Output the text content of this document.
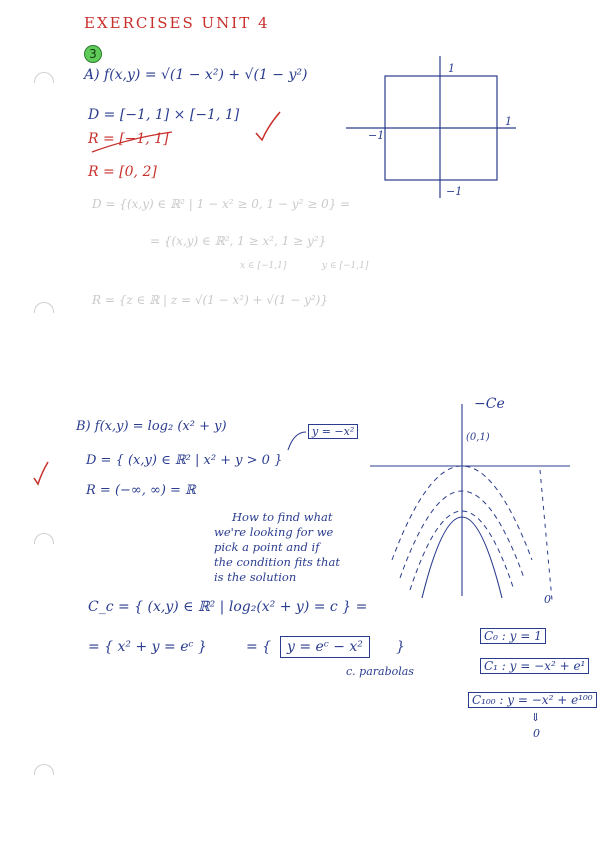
EXERCISES UNIT 4
3
A) f(x,y) = √(1 − x²) + √(1 − y²)
D = [−1, 1] × [−1, 1]
R = [−1, 1]
R = [0, 2]
D = {(x,y) ∈ ℝ² | 1 − x² ≥ 0, 1 − y² ≥ 0} =
= {(x,y) ∈ ℝ², 1 ≥ x², 1 ≥ y²}
x ∈ [−1,1]	y ∈ [−1,1]
R = {z ∈ ℝ | z = √(1 − x²) + √(1 − y²)}
1
1
−1
−1
B) f(x,y) = log₂ (x² + y)
D = { (x,y) ∈ ℝ² | x² + y > 0 }
y = −x²
R = (−∞, ∞) = ℝ
How to find what
we're looking for we
pick a point and if
the condition fits that
is the solution
−Ce
(0,1)
0
C_c = { (x,y) ∈ ℝ² | log₂(x² + y) = c } =
= { x² + y = eᶜ }	= {	y = eᶜ − x²	}
c. parabolas
C₀ : y = 1
C₁ : y = −x² + e¹
C₁₀₀ : y = −x² + e¹⁰⁰
⇓
0
